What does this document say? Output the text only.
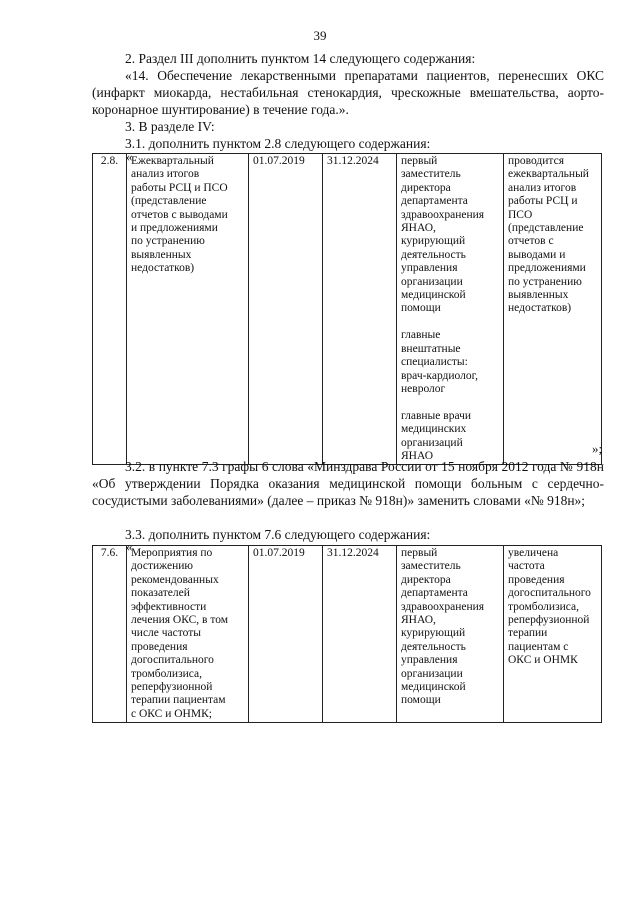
39
2. Раздел III дополнить пунктом 14 следующего содержания:
«14. Обеспечение лекарственными препаратами пациентов, перенесших ОКС (инфаркт миокарда, нестабильная стенокардия, чрескожные вмешательства, аорто-коронарное шунтирование) в течение года.».
3. В разделе IV:
3.1. дополнить пунктом 2.8 следующего содержания:
«
2.8.	Ежеквартальный
анализ итогов
работы РСЦ и ПСО
(представление
отчетов с выводами
и предложениями
по устранению
выявленных
недостатков)	01.07.2019	31.12.2024	первый
заместитель
директора
департамента
здравоохранения
ЯНАО,
курирующий
деятельность
управления
организации
медицинской
помощи

главные
внештатные
специалисты:
врач-кардиолог,
невролог

главные врачи
медицинских
организаций
ЯНАО	проводится
ежеквартальный
анализ итогов
работы РСЦ и
ПСО
(представление
отчетов с
выводами и
предложениями
по устранению
выявленных
недостатков)
»;
3.2. в пункте 7.3 графы 6 слова «Минздрава России от 15 ноября 2012 года № 918н «Об утверждении Порядка оказания медицинской помощи больным с сердечно-сосудистыми заболеваниями» (далее – приказ № 918н)» заменить словами «№ 918н»;
3.3. дополнить пунктом 7.6 следующего содержания:
«
7.6.	Мероприятия по
достижению
рекомендованных
показателей
эффективности
лечения ОКС, в том
числе частоты
проведения
догоспитального
тромболизиса,
реперфузионной
терапии пациентам
с ОКС и ОНМК;	01.07.2019	31.12.2024	первый
заместитель
директора
департамента
здравоохранения
ЯНАО,
курирующий
деятельность
управления
организации
медицинской
помощи	увеличена
частота
проведения
догоспитального
тромболизиса,
реперфузионной
терапии
пациентам с
ОКС и ОНМК
